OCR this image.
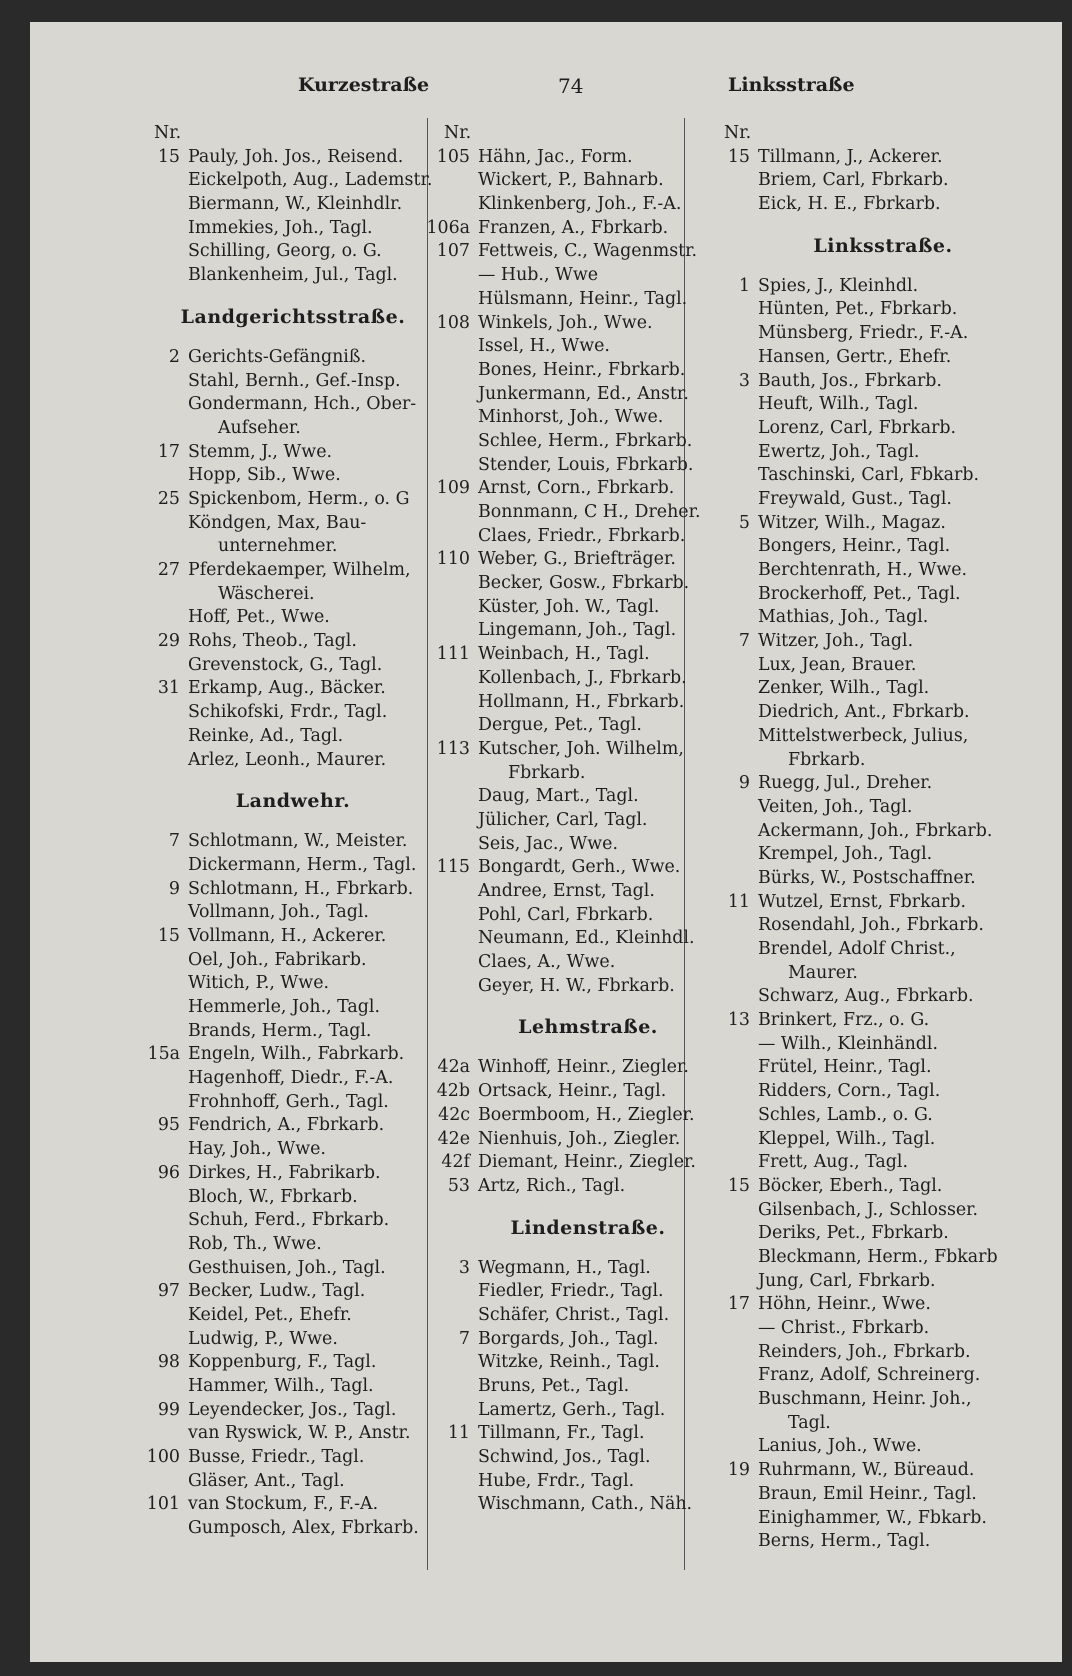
Kurzestraße	74	Linksstraße
Nr.
15 Pauly, Joh. Jos., Reisend.
Eickelpoth, Aug., Lademstr.
Biermann, W., Kleinhdlr.
Immekies, Joh., Tagl.
Schilling, Georg, o. G.
Blankenheim, Jul., Tagl.
Landgerichtsstraße.
2 Gerichts-Gefängniß.
Stahl, Bernh., Gef.-Insp.
Gondermann, Hch., Ober-
Aufseher.
17 Stemm, J., Wwe.
Hopp, Sib., Wwe.
25 Spickenbom, Herm., o. G
Köndgen, Max, Bau-
unternehmer.
27 Pferdekaemper, Wilhelm,
Wäscherei.
Hoff, Pet., Wwe.
29 Rohs, Theob., Tagl.
Grevenstock, G., Tagl.
31 Erkamp, Aug., Bäcker.
Schikofski, Frdr., Tagl.
Reinke, Ad., Tagl.
Arlez, Leonh., Maurer.
Landwehr.
7 Schlotmann, W., Meister.
Dickermann, Herm., Tagl.
9 Schlotmann, H., Fbrkarb.
Vollmann, Joh., Tagl.
15 Vollmann, H., Ackerer.
Oel, Joh., Fabrikarb.
Witich, P., Wwe.
Hemmerle, Joh., Tagl.
Brands, Herm., Tagl.
15a Engeln, Wilh., Fabrkarb.
Hagenhoff, Diedr., F.-A.
Frohnhoff, Gerh., Tagl.
95 Fendrich, A., Fbrkarb.
Hay, Joh., Wwe.
96 Dirkes, H., Fabrikarb.
Bloch, W., Fbrkarb.
Schuh, Ferd., Fbrkarb.
Rob, Th., Wwe.
Gesthuisen, Joh., Tagl.
97 Becker, Ludw., Tagl.
Keidel, Pet., Ehefr.
Ludwig, P., Wwe.
98 Koppenburg, F., Tagl.
Hammer, Wilh., Tagl.
99 Leyendecker, Jos., Tagl.
van Ryswick, W. P., Anstr.
100 Busse, Friedr., Tagl.
Gläser, Ant., Tagl.
101 van Stockum, F., F.-A.
Gumposch, Alex, Fbrkarb.
Nr.
105 Hähn, Jac., Form.
Wickert, P., Bahnarb.
Klinkenberg, Joh., F.-A.
106a Franzen, A., Fbrkarb.
107 Fettweis, C., Wagenmstr.
— Hub., Wwe
Hülsmann, Heinr., Tagl.
108 Winkels, Joh., Wwe.
Issel, H., Wwe.
Bones, Heinr., Fbrkarb.
Junkermann, Ed., Anstr.
Minhorst, Joh., Wwe.
Schlee, Herm., Fbrkarb.
Stender, Louis, Fbrkarb.
109 Arnst, Corn., Fbrkarb.
Bonnmann, C H., Dreher.
Claes, Friedr., Fbrkarb.
110 Weber, G., Briefträger.
Becker, Gosw., Fbrkarb.
Küster, Joh. W., Tagl.
Lingemann, Joh., Tagl.
111 Weinbach, H., Tagl.
Kollenbach, J., Fbrkarb.
Hollmann, H., Fbrkarb.
Dergue, Pet., Tagl.
113 Kutscher, Joh. Wilhelm,
Fbrkarb.
Daug, Mart., Tagl.
Jülicher, Carl, Tagl.
Seis, Jac., Wwe.
115 Bongardt, Gerh., Wwe.
Andree, Ernst, Tagl.
Pohl, Carl, Fbrkarb.
Neumann, Ed., Kleinhdl.
Claes, A., Wwe.
Geyer, H. W., Fbrkarb.
Lehmstraße.
42a Winhoff, Heinr., Ziegler.
42b Ortsack, Heinr., Tagl.
42c Boermboom, H., Ziegler.
42e Nienhuis, Joh., Ziegler.
42f Diemant, Heinr., Ziegler.
53 Artz, Rich., Tagl.
Lindenstraße.
3 Wegmann, H., Tagl.
Fiedler, Friedr., Tagl.
Schäfer, Christ., Tagl.
7 Borgards, Joh., Tagl.
Witzke, Reinh., Tagl.
Bruns, Pet., Tagl.
Lamertz, Gerh., Tagl.
11 Tillmann, Fr., Tagl.
Schwind, Jos., Tagl.
Hube, Frdr., Tagl.
Wischmann, Cath., Näh.
Nr.
15 Tillmann, J., Ackerer.
Briem, Carl, Fbrkarb.
Eick, H. E., Fbrkarb.
Linksstraße.
1 Spies, J., Kleinhdl.
Hünten, Pet., Fbrkarb.
Münsberg, Friedr., F.-A.
Hansen, Gertr., Ehefr.
3 Bauth, Jos., Fbrkarb.
Heuft, Wilh., Tagl.
Lorenz, Carl, Fbrkarb.
Ewertz, Joh., Tagl.
Taschinski, Carl, Fbkarb.
Freywald, Gust., Tagl.
5 Witzer, Wilh., Magaz.
Bongers, Heinr., Tagl.
Berchtenrath, H., Wwe.
Brockerhoff, Pet., Tagl.
Mathias, Joh., Tagl.
7 Witzer, Joh., Tagl.
Lux, Jean, Brauer.
Zenker, Wilh., Tagl.
Diedrich, Ant., Fbrkarb.
Mittelstwerbeck, Julius,
Fbrkarb.
9 Ruegg, Jul., Dreher.
Veiten, Joh., Tagl.
Ackermann, Joh., Fbrkarb.
Krempel, Joh., Tagl.
Bürks, W., Postschaffner.
11 Wutzel, Ernst, Fbrkarb.
Rosendahl, Joh., Fbrkarb.
Brendel, Adolf Christ.,
Maurer.
Schwarz, Aug., Fbrkarb.
13 Brinkert, Frz., o. G.
— Wilh., Kleinhändl.
Frütel, Heinr., Tagl.
Ridders, Corn., Tagl.
Schles, Lamb., o. G.
Kleppel, Wilh., Tagl.
Frett, Aug., Tagl.
15 Böcker, Eberh., Tagl.
Gilsenbach, J., Schlosser.
Deriks, Pet., Fbrkarb.
Bleckmann, Herm., Fbkarb
Jung, Carl, Fbrkarb.
17 Höhn, Heinr., Wwe.
— Christ., Fbrkarb.
Reinders, Joh., Fbrkarb.
Franz, Adolf, Schreinerg.
Buschmann, Heinr. Joh.,
Tagl.
Lanius, Joh., Wwe.
19 Ruhrmann, W., Büreaud.
Braun, Emil Heinr., Tagl.
Einighammer, W., Fbkarb.
Berns, Herm., Tagl.
